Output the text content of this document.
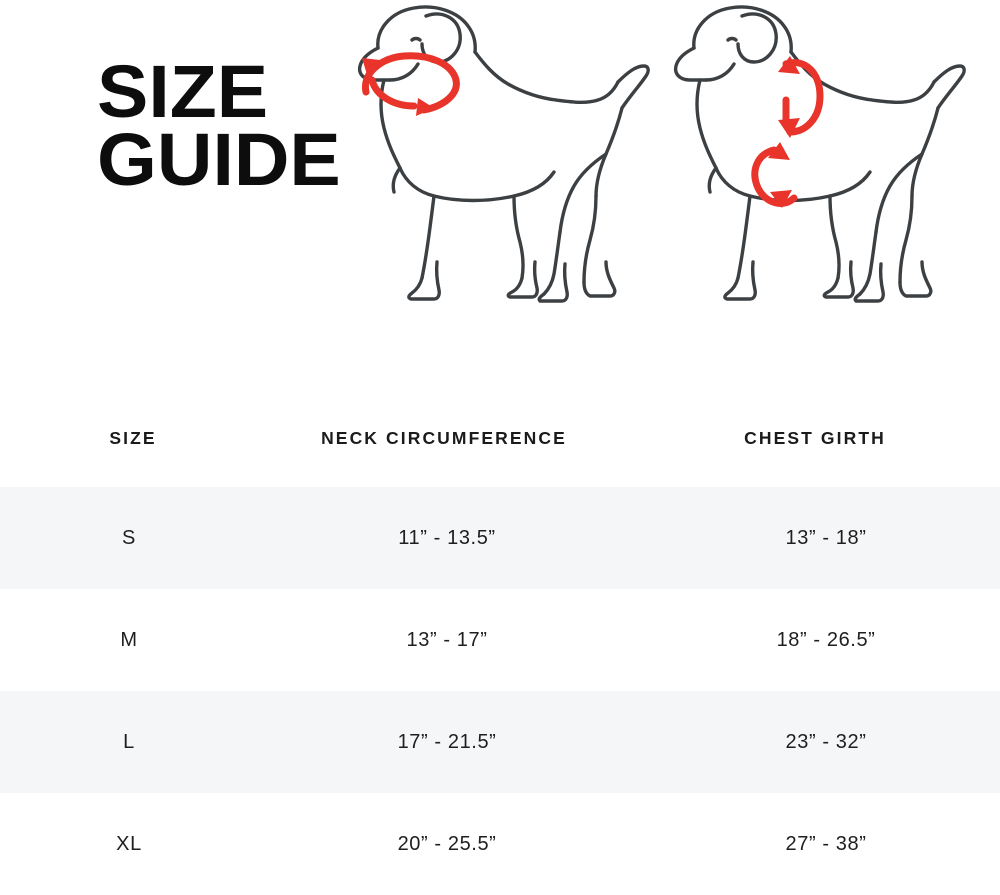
SIZE
GUIDE
SIZE	NECK CIRCUMFERENCE	CHEST GIRTH
S	11” - 13.5”	13” - 18”
M	13” - 17”	18” - 26.5”
L	17” - 21.5”	23” - 32”
XL	20” - 25.5”	27” - 38”
